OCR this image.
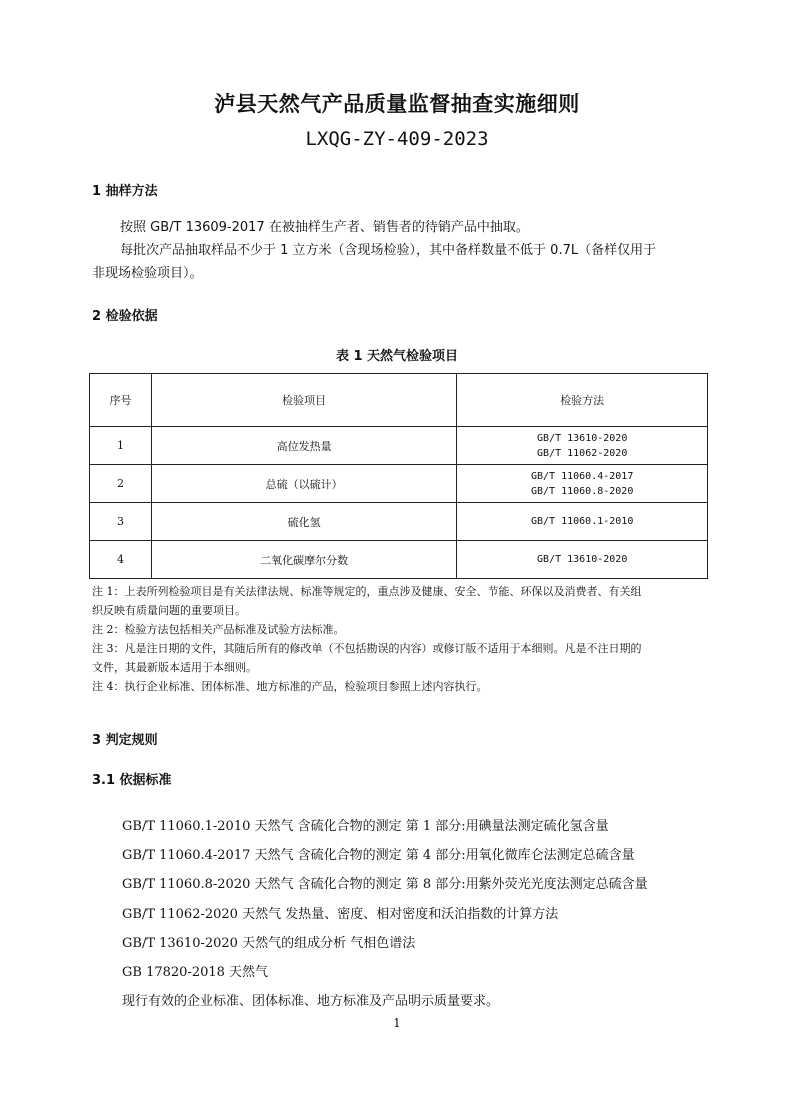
泸县天然气产品质量监督抽查实施细则
LXQG-ZY-409-2023
1 抽样方法
按照 GB/T 13609-2017 在被抽样生产者、销售者的待销产品中抽取。
每批次产品抽取样品不少于 1 立方米（含现场检验），其中备样数量不低于 0.7L（备样仅用于
非现场检验项目）。
2 检验依据
表 1 天然气检验项目
序号	检验项目	检验方法
1	高位发热量	GB/T 13610-2020
GB/T 11062-2020

2	总硫（以硫计）	GB/T 11060.4-2017
GB/T 11060.8-2020

3	硫化氢	GB/T 11060.1-2010

4	二氧化碳摩尔分数	GB/T 13610-2020
注 1：上表所列检验项目是有关法律法规、标准等规定的，重点涉及健康、安全、节能、环保以及消费者、有关组
织反映有质量问题的重要项目。
注 2：检验方法包括相关产品标准及试验方法标准。
注 3：凡是注日期的文件，其随后所有的修改单（不包括勘误的内容）或修订版不适用于本细则。凡是不注日期的
文件，其最新版本适用于本细则。
注 4：执行企业标准、团体标准、地方标准的产品，检验项目参照上述内容执行。
3 判定规则
3.1 依据标准
GB/T 11060.1-2010 天然气 含硫化合物的测定 第 1 部分:用碘量法测定硫化氢含量
GB/T 11060.4-2017 天然气 含硫化合物的测定 第 4 部分:用氧化微库仑法测定总硫含量
GB/T 11060.8-2020 天然气 含硫化合物的测定 第 8 部分:用紫外荧光光度法测定总硫含量
GB/T 11062-2020 天然气 发热量、密度、相对密度和沃泊指数的计算方法
GB/T 13610-2020 天然气的组成分析 气相色谱法
GB 17820-2018 天然气
现行有效的企业标准、团体标准、地方标准及产品明示质量要求。
1
